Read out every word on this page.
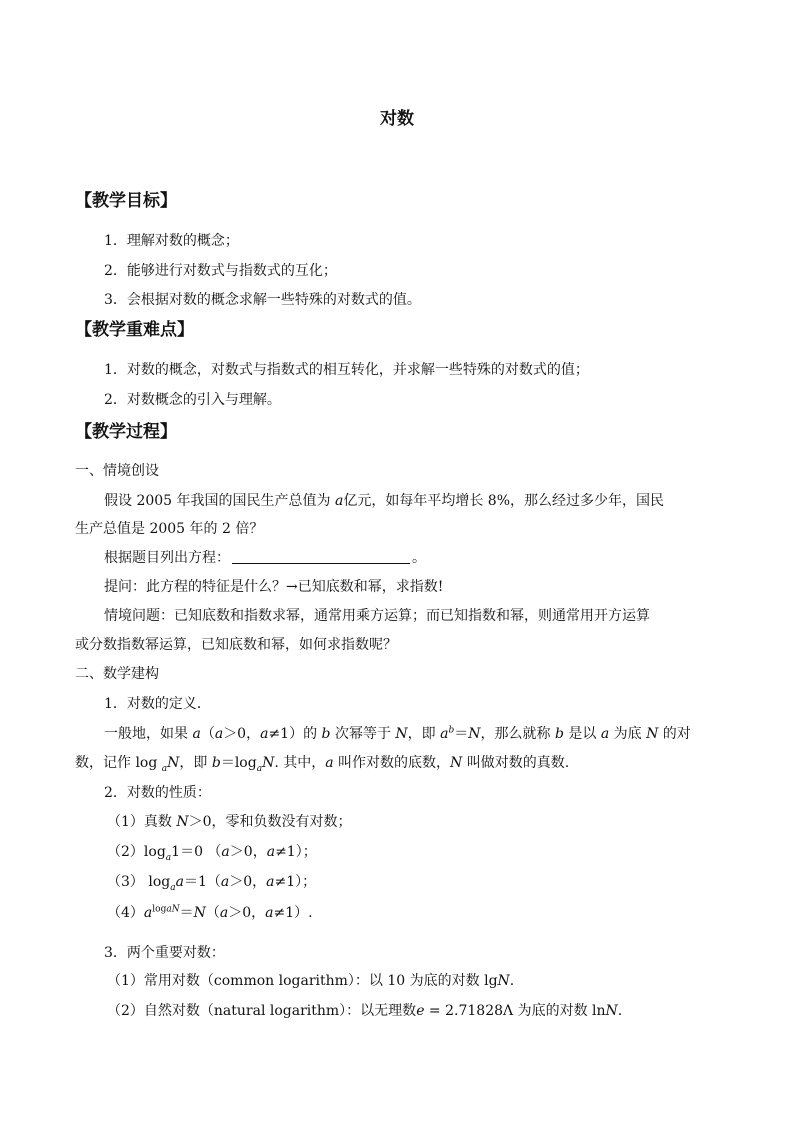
对数
【教学目标】
1．理解对数的概念；
2．能够进行对数式与指数式的互化；
3．会根据对数的概念求解一些特殊的对数式的值。
【教学重难点】
1．对数的概念，对数式与指数式的相互转化，并求解一些特殊的对数式的值；
2．对数概念的引入与理解。
【教学过程】
一、情境创设
假设 2005 年我国的国民生产总值为 a亿元，如每年平均增长 8%，那么经过多少年，国民
生产总值是 2005 年的 2 倍？
根据题目列出方程：	。
提问：此方程的特征是什么？→已知底数和幂，求指数!
情境问题：已知底数和指数求幂，通常用乘方运算；而已知指数和幂，则通常用开方运算
或分数指数幂运算，已知底数和幂，如何求指数呢？
二、数学建构
1．对数的定义．
一般地，如果 a（a＞0，a≠1）的 b 次幂等于 N，即 $a^b=N$，那么就称 b 是以 a 为底 N 的对
数，记作 log $_a$N，即 $b=\log_aN$. 其中，a 叫作对数的底数，N 叫做对数的真数.
2．对数的性质：
（1）真数 N＞0，零和负数没有对数；
$(2)\log_a1=0$ （a＞0，a≠1）；
（3） $\log_aa=1(a>0$，a≠1）；
$(4)a^{logaN}=N(a>0$，a≠1）.
3．两个重要对数：
（1）常用对数（common logarithm）：以 10 为底的对数 lgN.
（2）自然对数（natural logarithm）：以无理数e = 2.71828Λ 为底的对数 lnN.
